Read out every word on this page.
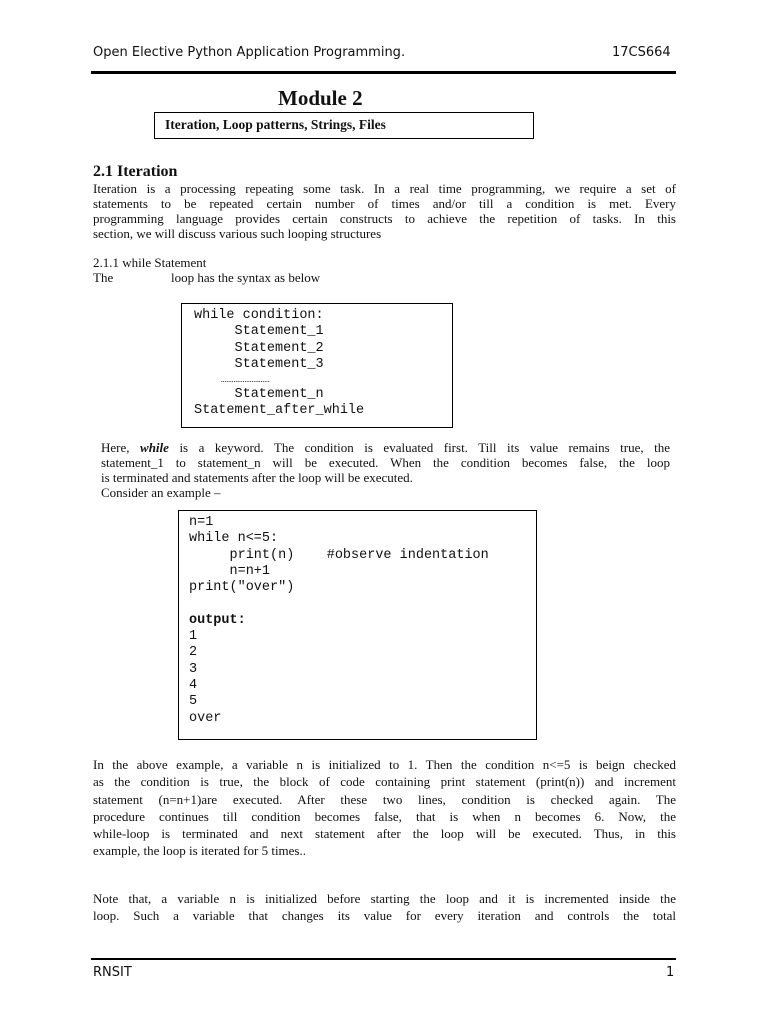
Open Elective Python Application Programming.	17CS664
Module 2
Iteration, Loop patterns, Strings, Files
2.1 Iteration

Iteration is a processing repeating some task. In a real time programming, we require a set of

statements to be repeated certain number of times and/or till a condition is met. Every

programming language provides certain constructs to achieve the repetition of tasks. In this

section, we will discuss various such looping structures

2.1.1 while Statement
The	loop has the syntax as below
while condition:
Statement_1
Statement_2
Statement_3
………………………
Statement_n
Statement_after_while

Here, while is a keyword. The condition is evaluated first. Till its value remains true, the

statement_1 to statement_n will be executed. When the condition becomes false, the loop

is terminated and statements after the loop will be executed.

Consider an example –

n=1
while n<=5:
print(n)    #observe indentation
n=n+1
print("over")
output:
1
2
3
4
5
over

In the above example, a variable n is initialized to 1. Then the condition n<=5 is beign checked

as the condition is true, the block of code containing print statement (print(n)) and increment

statement (n=n+1)are executed. After these two lines, condition is checked again. The

procedure continues till condition becomes false, that is when n becomes 6. Now, the

while-loop is terminated and next statement after the loop will be executed. Thus, in this

example, the loop is iterated for 5 times..

Note that, a variable n is initialized before starting the loop and it is incremented inside the

loop. Such a variable that changes its value for every iteration and controls the total

RNSIT	1
